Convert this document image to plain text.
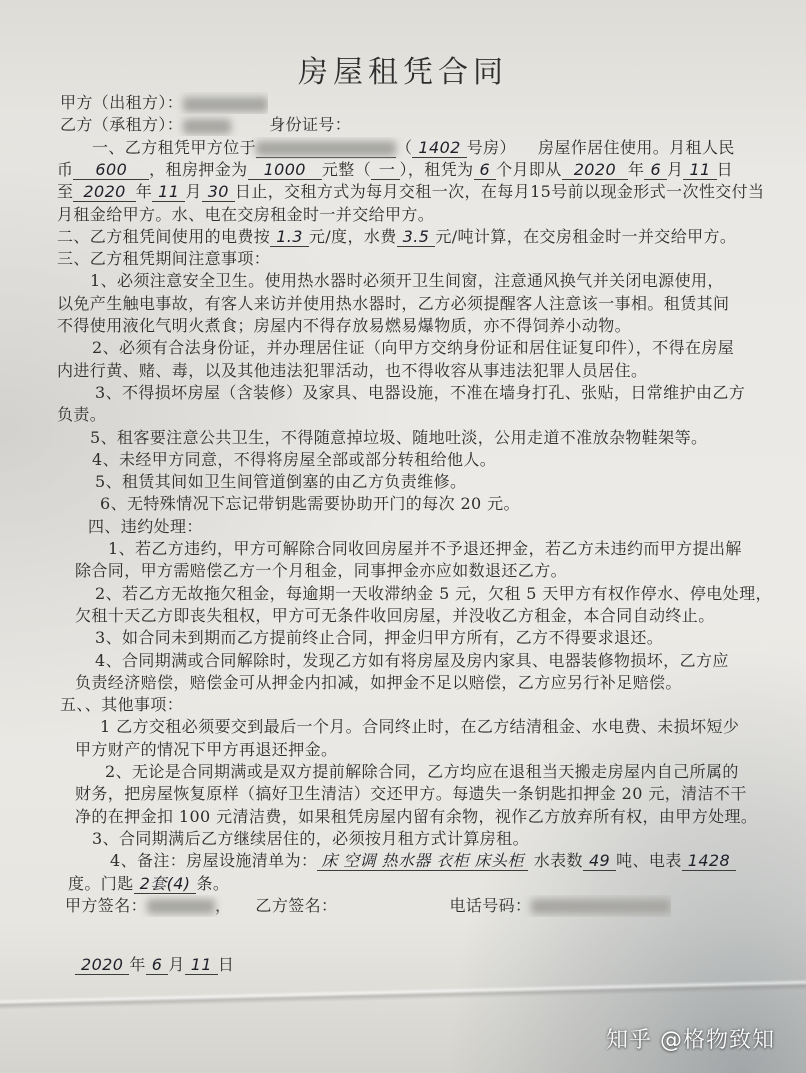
房屋租凭合同
甲方（出租方）：
乙方（承租方）：	身份证号：
一、乙方租凭甲方位于	（ 1402 号房） 房屋作居住使用。月租人民
币 600 ，租房押金为 1000 元整（ 一 ），租凭为 6 个月即从 2020 年 6 月 11 日
至 2020 年 11 月 30 日止，交租方式为每月交租一次，在每月15号前以现金形式一次性交付当
月租金给甲方。水、电在交房租金时一并交给甲方。
二、乙方租凭间使用的电费按 1.3 元/度，水费 3.5 元/吨计算，在交房租金时一并交给甲方。
三、乙方租凭期间注意事项：
1、必须注意安全卫生。使用热水器时必须开卫生间窗，注意通风换气并关闭电源使用，
以免产生触电事故，有客人来访并使用热水器时，乙方必须提醒客人注意该一事相。租赁其间
不得使用液化气明火煮食；房屋内不得存放易燃易爆物质，亦不得饲养小动物。
2、必须有合法身份证，并办理居住证（向甲方交纳身份证和居住证复印件），不得在房屋
内进行黄、赌、毒，以及其他违法犯罪活动，也不得收容从事违法犯罪人员居住。
3、不得损坏房屋（含装修）及家具、电器设施，不准在墙身打孔、张贴，日常维护由乙方
负责。
5、租客要注意公共卫生，不得随意掉垃圾、随地吐淡，公用走道不准放杂物鞋架等。
4、未经甲方同意，不得将房屋全部或部分转租给他人。
5、租赁其间如卫生间管道倒塞的由乙方负责维修。
6、无特殊情况下忘记带钥匙需要协助开门的每次 20 元。
四、违约处理：
1、若乙方违约，甲方可解除合同收回房屋并不予退还押金，若乙方未违约而甲方提出解
除合同，甲方需赔偿乙方一个月租金，同事押金亦应如数退还乙方。
2、若乙方无故拖欠租金，每逾期一天收滞纳金 5 元，欠租 5 天甲方有权作停水、停电处理，
欠租十天乙方即丧失租权，甲方可无条件收回房屋，并没收乙方租金，本合同自动终止。
3、如合同未到期而乙方提前终止合同，押金归甲方所有，乙方不得要求退还。
4、合同期满或合同解除时，发现乙方如有将房屋及房内家具、电器装修物损坏，乙方应
负责经济赔偿，赔偿金可从押金内扣减，如押金不足以赔偿，乙方应另行补足赔偿。
五、、其他事项：
1 乙方交租必须要交到最后一个月。合同终止时，在乙方结清租金、水电费、未损坏短少
甲方财产的情况下甲方再退还押金。
2、无论是合同期满或是双方提前解除合同，乙方均应在退租当天搬走房屋内自己所属的
财务，把房屋恢复原样（搞好卫生清洁）交还甲方。每遗失一条钥匙扣押金 20 元，清洁不干
净的在押金扣 100 元清洁费，如果租凭房屋内留有余物，视作乙方放弃所有权，由甲方处理。
3、合同期满后乙方继续居住的，必须按月租方式计算房租。
4、备注：房屋设施清单为： 床 空调 热水器 衣柜 床头柜 水表数 49 吨、电表 1428
度。门匙 2套(4) 条。
甲方签名：	， 乙方签名：	电话号码：
2020 年 6 月 11 日
知乎 @格物致知
